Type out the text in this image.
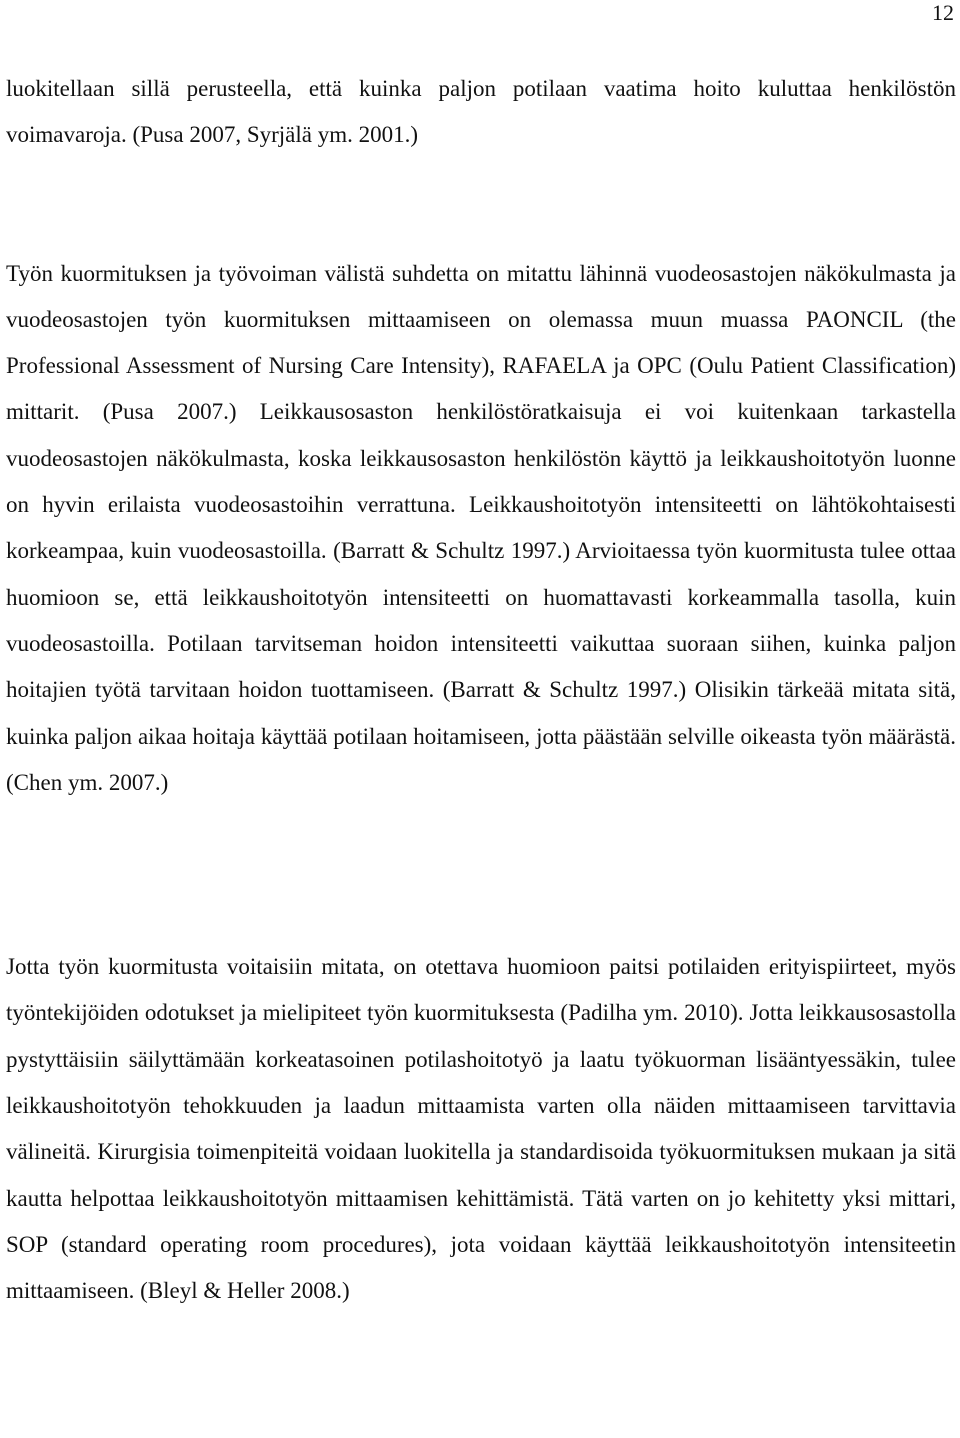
12

luokitellaan sillä perusteella, että kuinka paljon potilaan vaatima hoito kuluttaa henkilöstön voimavaroja. (Pusa 2007, Syrjälä ym. 2001.)

Työn kuormituksen ja työvoiman välistä suhdetta on mitattu lähinnä vuodeosastojen näkökulmasta ja vuodeosastojen työn kuormituksen mittaamiseen on olemassa muun muassa PAONCIL (the Professional Assessment of Nursing Care Intensity), RAFAELA ja OPC (Oulu Patient Classification) mittarit. (Pusa 2007.) Leikkausosaston henkilöstöratkaisuja ei voi kuitenkaan tarkastella vuodeosastojen näkökulmasta, koska leikkausosaston henkilöstön käyttö ja leikkaushoitotyön luonne on hyvin erilaista vuodeosastoihin verrattuna. Leikkaushoitotyön intensiteetti on lähtökohtaisesti korkeampaa, kuin vuodeosastoilla. (Barratt & Schultz 1997.) Arvioitaessa työn kuormitusta tulee ottaa huomioon se, että leikkaushoitotyön intensiteetti on huomattavasti korkeammalla tasolla, kuin vuodeosastoilla. Potilaan tarvitseman hoidon intensiteetti vaikuttaa suoraan siihen, kuinka paljon hoitajien työtä tarvitaan hoidon tuottamiseen. (Barratt & Schultz 1997.) Olisikin tärkeää mitata sitä, kuinka paljon aikaa hoitaja käyttää potilaan hoitamiseen, jotta päästään selville oikeasta työn määrästä. (Chen ym. 2007.)

Jotta työn kuormitusta voitaisiin mitata, on otettava huomioon paitsi potilaiden erityispiirteet, myös työntekijöiden odotukset ja mielipiteet työn kuormituksesta (Padilha ym. 2010). Jotta leikkausosastolla pystyttäisiin säilyttämään korkeatasoinen potilashoitotyö ja laatu työkuorman lisääntyessäkin, tulee leikkaushoitotyön tehokkuuden ja laadun mittaamista varten olla näiden mittaamiseen tarvittavia välineitä. Kirurgisia toimenpiteitä voidaan luokitella ja standardisoida työkuormituksen mukaan ja sitä kautta helpottaa leikkaushoitotyön mittaamisen kehittämistä. Tätä varten on jo kehitetty yksi mittari, SOP (standard operating room procedures), jota voidaan käyttää leikkaushoitotyön intensiteetin mittaamiseen. (Bleyl & Heller 2008.)
